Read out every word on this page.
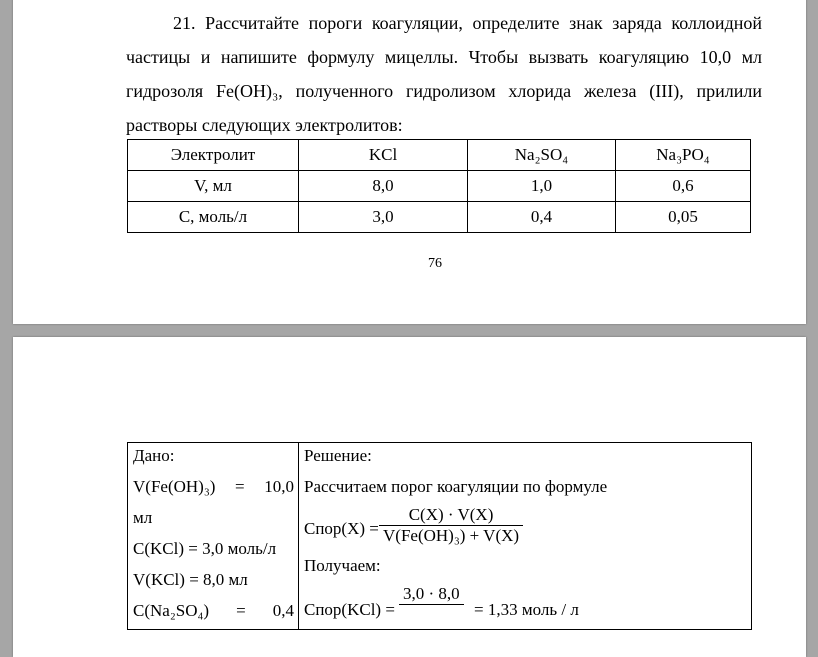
21. Рассчитайте пороги коагуляции, определите знак заряда коллоидной
частицы и напишите формулу мицеллы. Чтобы вызвать коагуляцию 10,0 мл
гидрозоля Fe(OH)₃, полученного гидролизом хлорида железа (III), прилили
растворы следующих электролитов:
Электролит	KCl	Na₂SO₄	Na₃PO₄
V, мл	8,0	1,0	0,6
C, моль/л	3,0	0,4	0,05
76
Дано:
V(Fe(OH)₃) = 10,0
мл
C(KCl) = 3,0 моль/л
V(KCl) = 8,0 мл
C(Na₂SO₄) = 0,4

Решение:
Рассчитаем порог коагуляции по формуле
Cпор(X) =
C(X) · V(X)
V(Fe(OH)₃) + V(X)
Получаем:
Cпор(KCl) =
3,0 · 8,0
= 1,33 моль / л
